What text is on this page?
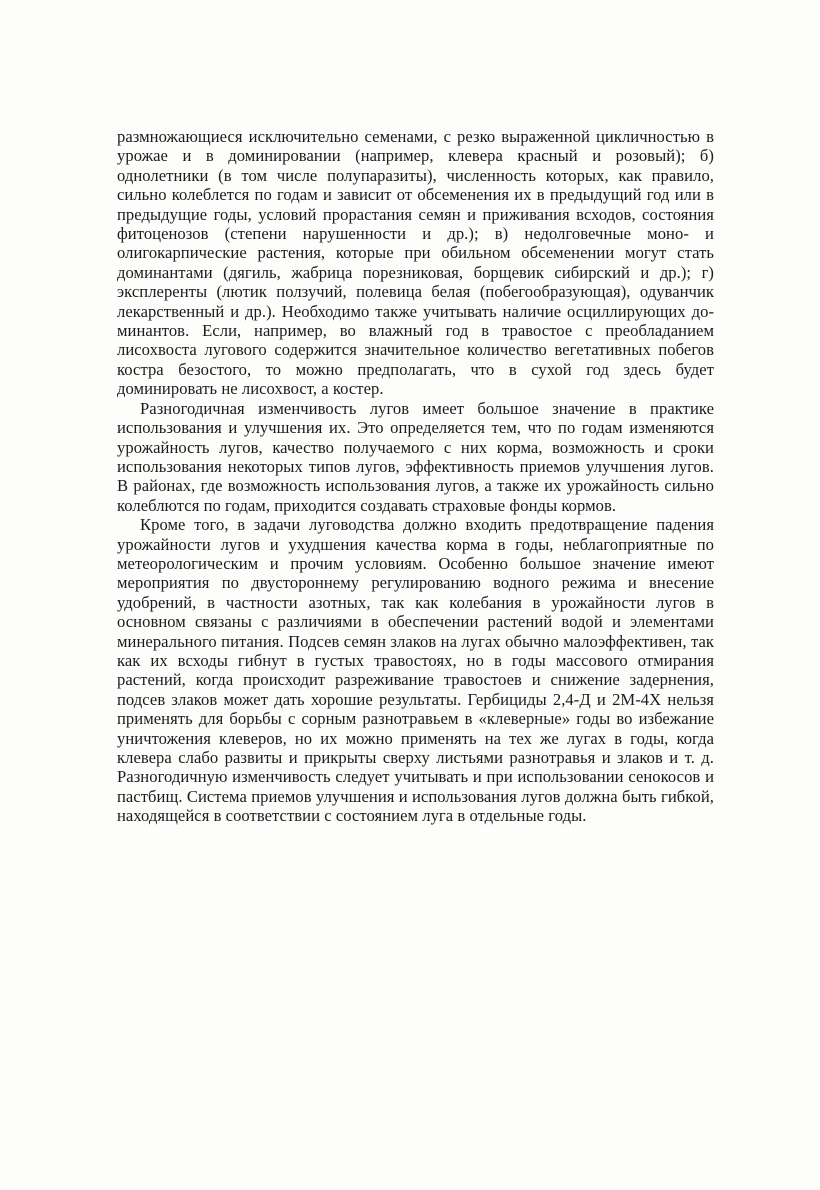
размножающиеся исключительно семенами, с резко выраженной цикличностью в урожае и в доминировании (например, клевера красный и розовый); б) однолетники (в том числе полупаразиты), численность которых, как правило, сильно колеблется по годам и зависит от обсеменения их в предыдущий год или в предыдущие годы, условий прорастания семян и приживания всходов, состояния фитоценозов (степени нарушенности и др.); в) недолговечные моно- и олигокарпические растения, которые при обильном обсеменении могут стать доминантами (дягиль, жабрица порезниковая, борщевик сибирский и др.); г) эксплеренты (лютик ползучий, полевица белая (побегообразующая), одуванчик лекарственный и др.). Необходимо также учитывать наличие осциллирующих доминантов. Если, например, во влажный год в травостое с преобладанием лисохвоста лугового содержится значительное количество вегетативных побегов костра безостого, то можно предполагать, что в сухой год здесь будет доминировать не лисохвост, а костер.

Разногодичная изменчивость лугов имеет большое значение в практике использования и улучшения их. Это определяется тем, что по годам изменяются урожайность лугов, качество получаемого с них корма, возможность и сроки использования некоторых типов лугов, эффективность приемов улучшения лугов. В районах, где возможность использования лугов, а также их урожайность сильно колеблются по годам, приходится создавать страховые фонды кормов.

Кроме того, в задачи луговодства должно входить предотвращение падения урожайности лугов и ухудшения качества корма в годы, неблагоприятные по метеорологическим и прочим условиям. Особенно большое значение имеют мероприятия по двустороннему регулированию водного режима и внесение удобрений, в частности азотных, так как колебания в урожайности лугов в основном связаны с различиями в обеспечении растений водой и элементами минерального питания. Подсев семян злаков на лугах обычно малоэффективен, так как их всходы гибнут в густых травостоях, но в годы массового отмирания растений, когда происходит разреживание травостоев и снижение задернения, подсев злаков может дать хорошие результаты. Гербициды 2,4-Д и 2М-4Х нельзя применять для борьбы с сорным разнотравьем в «клеверные» годы во избежание уничтожения клеверов, но их можно применять на тех же лугах в годы, когда клевера слабо развиты и прикрыты сверху листьями разнотравья и злаков и т. д. Разногодичную изменчивость следует учитывать и при использовании сенокосов и пастбищ. Система приемов улучшения и использования лугов должна быть гибкой, находящейся в соответствии с состоянием луга в отдельные годы.
